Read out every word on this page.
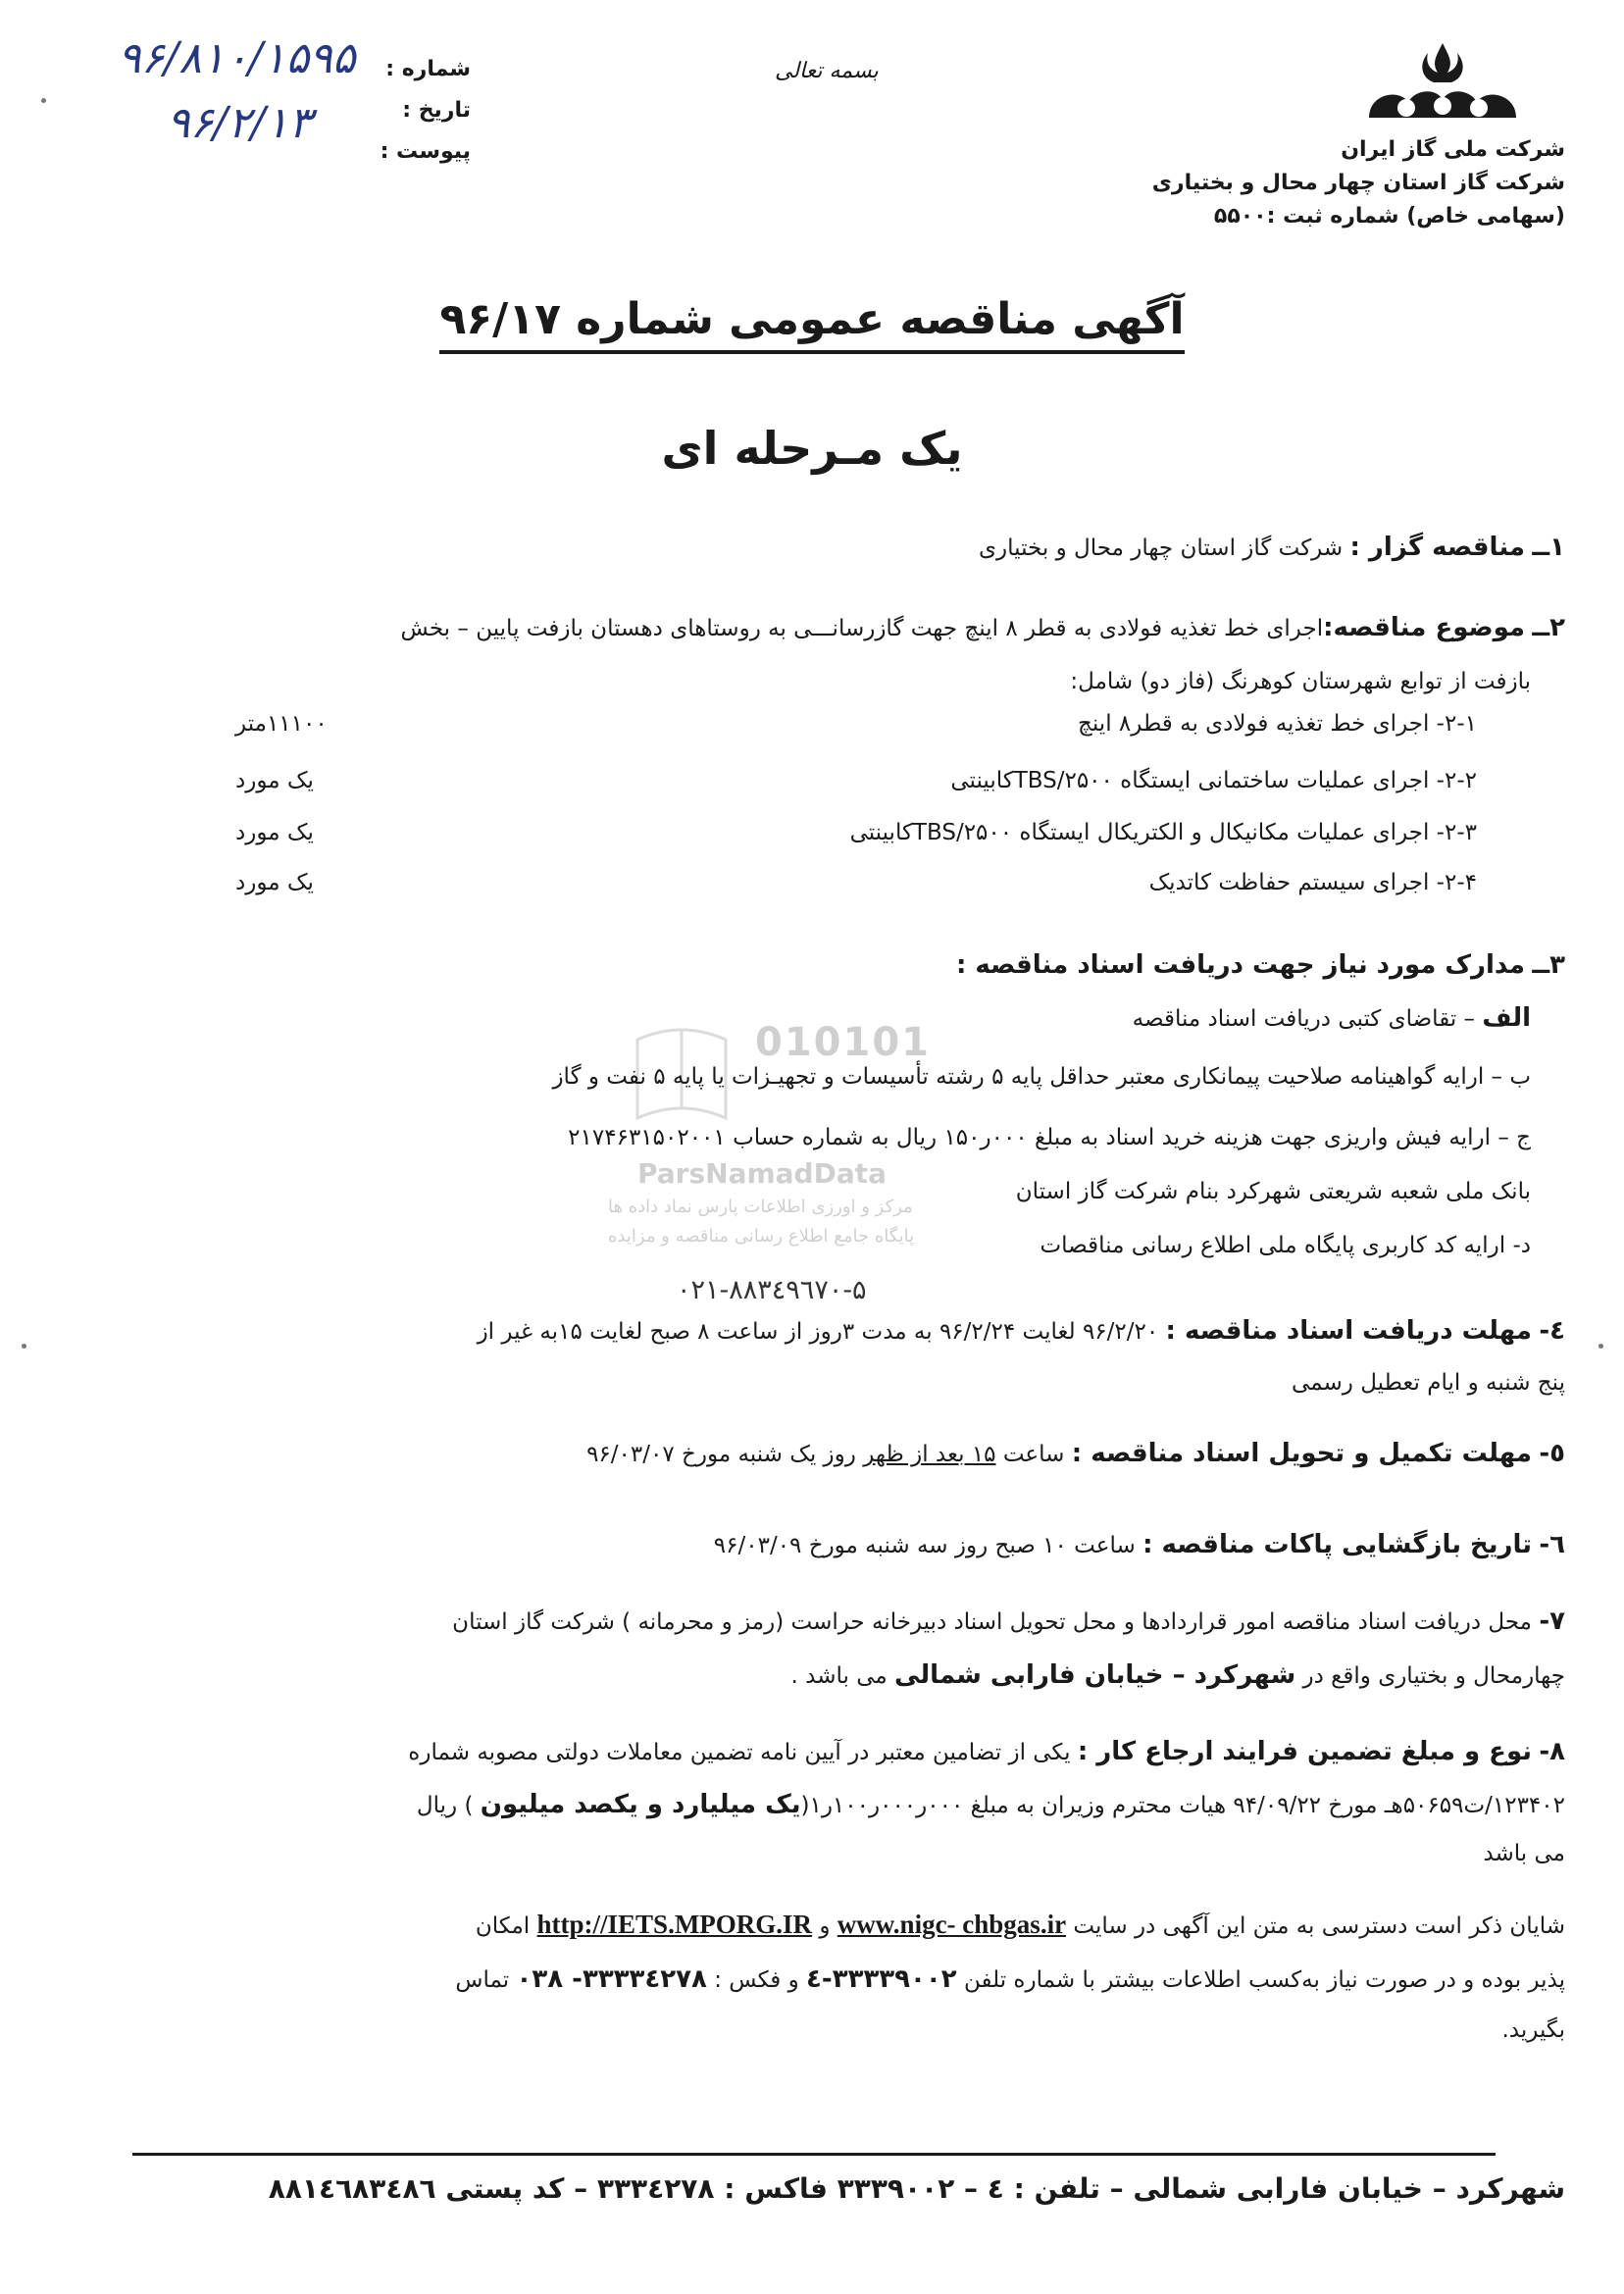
شرکت ملی گاز ایران
شرکت گاز استان چهار محال و بختیاری
(سهامی خاص) شماره ثبت :۵۵۰۰
بسمه تعالی
شماره :
تاریخ :
پیوست :
۹۶/۸۱۰/۱۵۹۵
۹۶/۲/۱۳
آگهی مناقصه عمومی شماره ۹۶/۱۷
یک مـرحله ای
۱ــ مناقصه گزار : شرکت گاز استان چهار محال و بختیاری
۲ــ موضوع مناقصه:اجرای خط تغذیه فولادی به قطر ۸ اینچ جهت گازرسانـــی به روستاهای دهستان بازفت پایین – بخش
بازفت از توابع شهرستان کوهرنگ (فاز دو) شامل:
۲-۱- اجرای خط تغذیه فولادی به قطر۸ اینچ
۱۱۱۰۰متر
۲-۲- اجرای عملیات ساختمانی ایستگاه TBS/۲۵۰۰کابینتی
یک مورد
۲-۳- اجرای عملیات مکانیکال و الکتریکال ایستگاه TBS/۲۵۰۰کابینتی
یک مورد
۲-۴- اجرای سیستم حفاظت کاتدیک
یک مورد
010101
ParsNamadData
مرکز و اورزی اطلاعات پارس نماد داده ها
پایگاه جامع اطلاع رسانی مناقصه و مزایده
۳ــ مدارک مورد نیاز جهت دریافت اسناد مناقصه :
الف – تقاضای کتبی دریافت اسناد مناقصه
ب – ارایه گواهینامه صلاحیت پیمانکاری معتبر حداقل پایه ۵ رشته تأسیسات و تجهیـزات یا پایه ۵ نفت و گاز
ج – ارایه فیش واریزی جهت هزینه خرید اسناد به مبلغ ۰۰۰ر۱۵۰ ریال به شماره حساب ۲۱۷۴۶۳۱۵۰۲۰۰۱
بانک ملی شعبه شریعتی شهرکرد بنام شرکت گاز استان
د- ارایه کد کاربری پایگاه ملی اطلاع رسانی مناقصات
۰۲۱-۸۸۳٤۹٦۷۰-۵
٤- مهلت دریافت اسناد مناقصه : ۹۶/۲/۲۰ لغایت ۹۶/۲/۲۴ به مدت ۳روز از ساعت ۸ صبح لغایت ۱۵به غیر از
پنج شنبه و ایام تعطیل رسمی
٥- مهلت تکمیل و تحویل اسناد مناقصه : ساعت ۱۵ بعد از ظهر روز یک شنبه مورخ ۹۶/۰۳/۰۷
٦- تاریخ بازگشایی پاکات مناقصه : ساعت ۱۰ صبح روز سه شنبه مورخ ۹۶/۰۳/۰۹
۷- محل دریافت اسناد مناقصه امور قراردادها و محل تحویل اسناد دبیرخانه حراست (رمز و محرمانه ) شرکت گاز استان
چهارمحال و بختیاری واقع در شهرکرد – خیابان فارابی شمالی می باشد .
۸- نوع و مبلغ تضمین فرایند ارجاع کار : یکی از تضامین معتبر در آیین نامه تضمین معاملات دولتی مصوبه شماره
۱۲۳۴۰۲/ت۵۰۶۵۹هـ مورخ ۹۴/۰۹/۲۲ هیات محترم وزیران به مبلغ ۰۰۰ر۰۰۰ر۱۰۰ر۱(یک میلیارد و یکصد میلیون ) ریال
می باشد
شایان ذکر است دسترسی به متن این آگهی در سایت www.nigc- chbgas.ir و http://IETS.MPORG.IR امکان
پذیر بوده و در صورت نیاز به‌کسب اطلاعات بیشتر با شماره تلفن ۳۳۳۳۹۰۰۲-٤ و فکس : ۳۳۳۳٤۲۷۸- ۰۳۸ تماس
بگیرید.
شهرکرد – خیابان فارابی شمالی – تلفن : ٤ – ۳۳۳۹۰۰۲ فاکس : ۳۳۳٤۲۷۸ – کد پستی ۸۸۱٤٦۸۳٤۸٦
